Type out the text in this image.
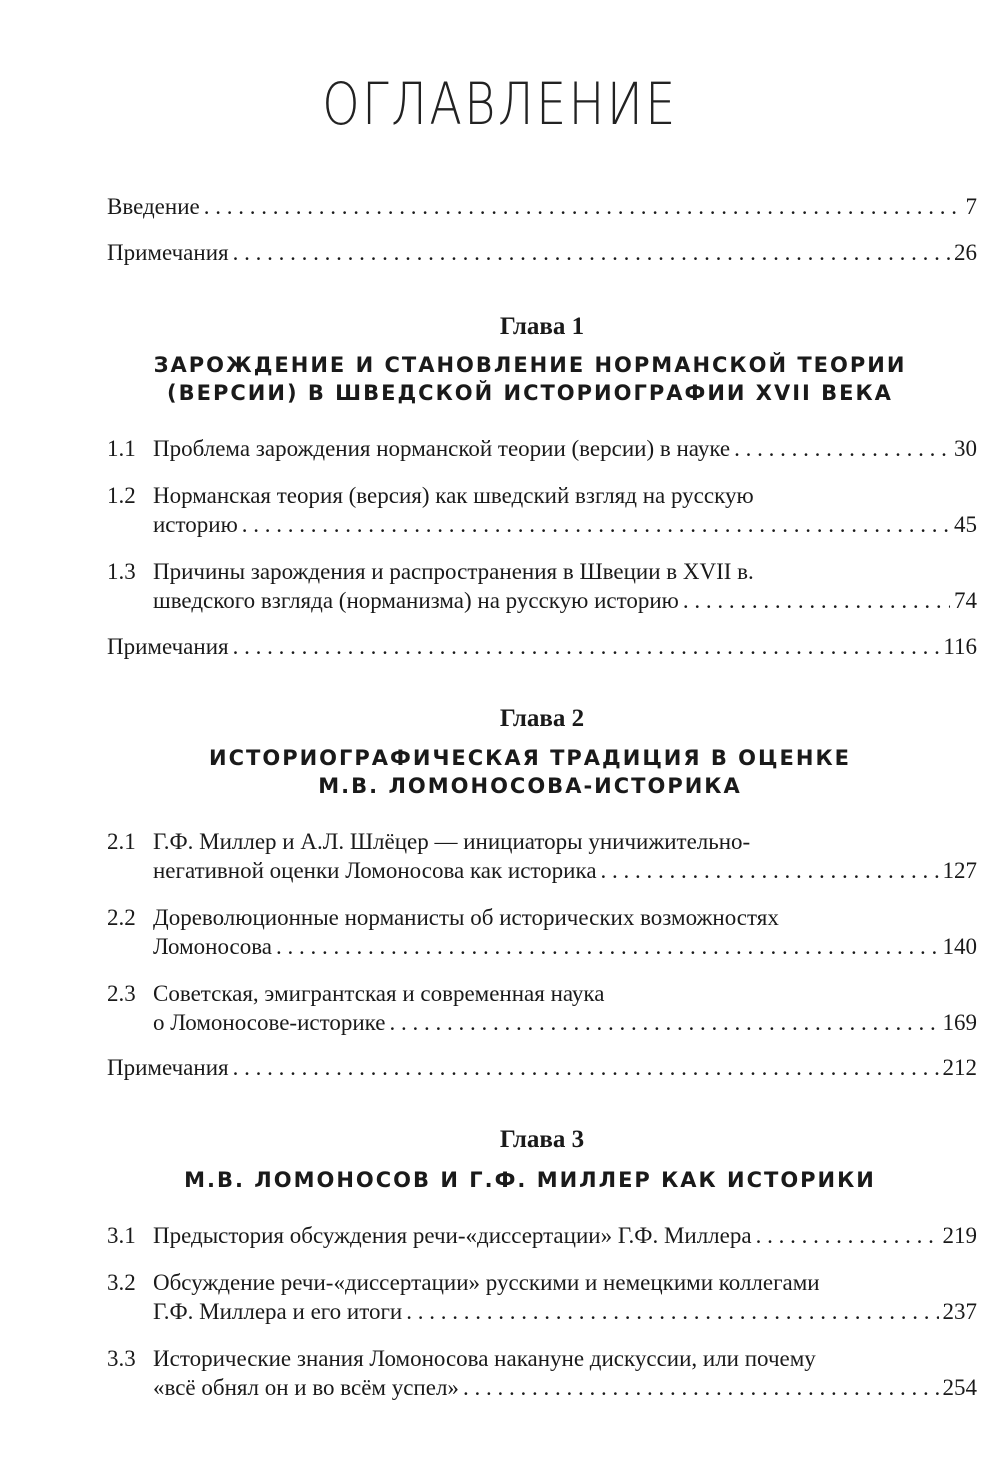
ОГЛАВЛЕНИЕ
Введение . . .	7
Примечания . . .	26
Глава 1
ЗАРОЖДЕНИЕ И СТАНОВЛЕНИЕ НОРМАНСКОЙ ТЕОРИИ
(ВЕРСИИ) В ШВЕДСКОЙ ИСТОРИОГРАФИИ XVII ВЕКА
1.1 Проблема зарождения норманской теории (версии) в науке . . .	30
1.2 Норманская теория (версия) как шведский взгляд на русскую
историю . . .	45
1.3 Причины зарождения и распространения в Швеции в XVII в.
шведского взгляда (норманизма) на русскую историю . . .	74
Примечания . . .	116
Глава 2
ИСТОРИОГРАФИЧЕСКАЯ ТРАДИЦИЯ В ОЦЕНКЕ
М.В. ЛОМОНОСОВА-ИСТОРИКА
2.1 Г.Ф. Миллер и А.Л. Шлёцер — инициаторы уничижительно-
негативной оценки Ломоносова как историка . . .	127
2.2 Дореволюционные норманисты об исторических возможностях
Ломоносова . . .	140
2.3 Советская, эмигрантская и современная наука
о Ломоносове-историке . . .	169
Примечания . . .	212
Глава 3
М.В. ЛОМОНОСОВ И Г.Ф. МИЛЛЕР КАК ИСТОРИКИ
3.1 Предыстория обсуждения речи-«диссертации» Г.Ф. Миллера . . .	219
3.2 Обсуждение речи-«диссертации» русскими и немецкими коллегами
Г.Ф. Миллера и его итоги . . .	237
3.3 Исторические знания Ломоносова накануне дискуссии, или почему
«всё обнял он и во всём успел» . . .	254
